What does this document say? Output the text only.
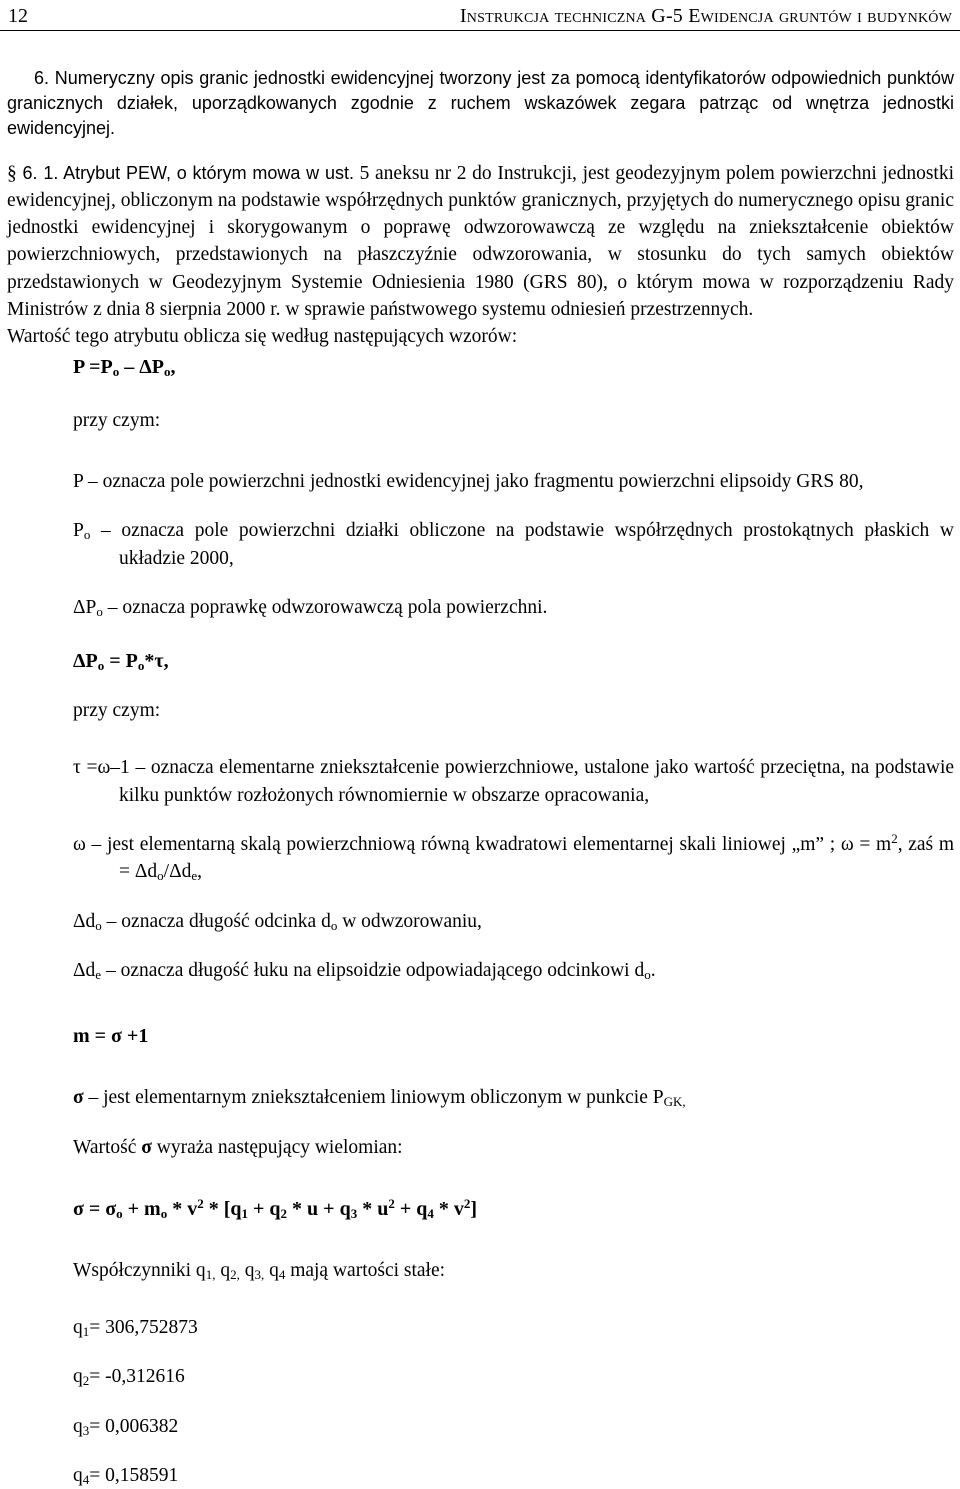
12	Instrukcja techniczna G-5 Ewidencja gruntów i budynków

6. Numeryczny opis granic jednostki ewidencyjnej tworzony jest za pomocą identyfikatorów odpowiednich punktów granicznych działek, uporządkowanych zgodnie z ruchem wskazówek zegara patrząc od wnętrza jednostki ewidencyjnej.

§ 6. 1. Atrybut PEW, o którym mowa w ust. 5 aneksu nr 2 do Instrukcji, jest geodezyjnym polem powierzchni jednostki ewidencyjnej, obliczonym na podstawie współrzędnych punktów granicznych, przyjętych do numerycznego opisu granic jednostki ewidencyjnej i skorygowanym o poprawę odwzorowawczą ze względu na zniekształcenie obiektów powierzchniowych, przedstawionych na płaszczyźnie odwzorowania, w stosunku do tych samych obiektów przedstawionych w Geodezyjnym Systemie Odniesienia 1980 (GRS 80), o którym mowa w rozporządzeniu Rady Ministrów z dnia 8 sierpnia 2000 r. w sprawie państwowego systemu odniesień przestrzennych.

Wartość tego atrybutu oblicza się według następujących wzorów:

$P =P_o - \Delta P_o$,

przy czym:

P – oznacza pole powierzchni jednostki ewidencyjnej jako fragmentu powierzchni elipsoidy GRS 80,

$P_o$ – oznacza pole powierzchni działki obliczone na podstawie współrzędnych prostokątnych płaskich w układzie 2000,

$\Delta P_o$ – oznacza poprawkę odwzorowawczą pola powierzchni.

$\Delta P_o = P_o*\tau$,

przy czym:

τ =ω–1 – oznacza elementarne zniekształcenie powierzchniowe, ustalone jako wartość przeciętna, na podstawie kilku punktów rozłożonych równomiernie w obszarze opracowania,

ω – jest elementarną skalą powierzchniową równą kwadratowi elementarnej skali liniowej „m” ; $\omega = m^2$, zaś $m = \Delta d_o/\Delta d_e$,

$\Delta d_o$ – oznacza długość odcinka $d_o$ w odwzorowaniu,

$\Delta d_e$ – oznacza długość łuku na elipsoidzie odpowiadającego odcinkowi $d_o$.

m = σ +1

σ – jest elementarnym zniekształceniem liniowym obliczonym w punkcie $P_{GK,}$

Wartość σ wyraża następujący wielomian:

$\sigma = \sigma_o + m_o * v^2 * [q_1 + q_2 * u + q_3 * u^2 + q_4 * v^2]$

Współczynniki $q_{1,}$ $q_{2,}$ $q_{3,}$ $q_4$ mają wartości stałe:

$q_1= 306,752873$

$q_2= -0,312616$

$q_3= 0,006382$

$q_4= 0,158591$
